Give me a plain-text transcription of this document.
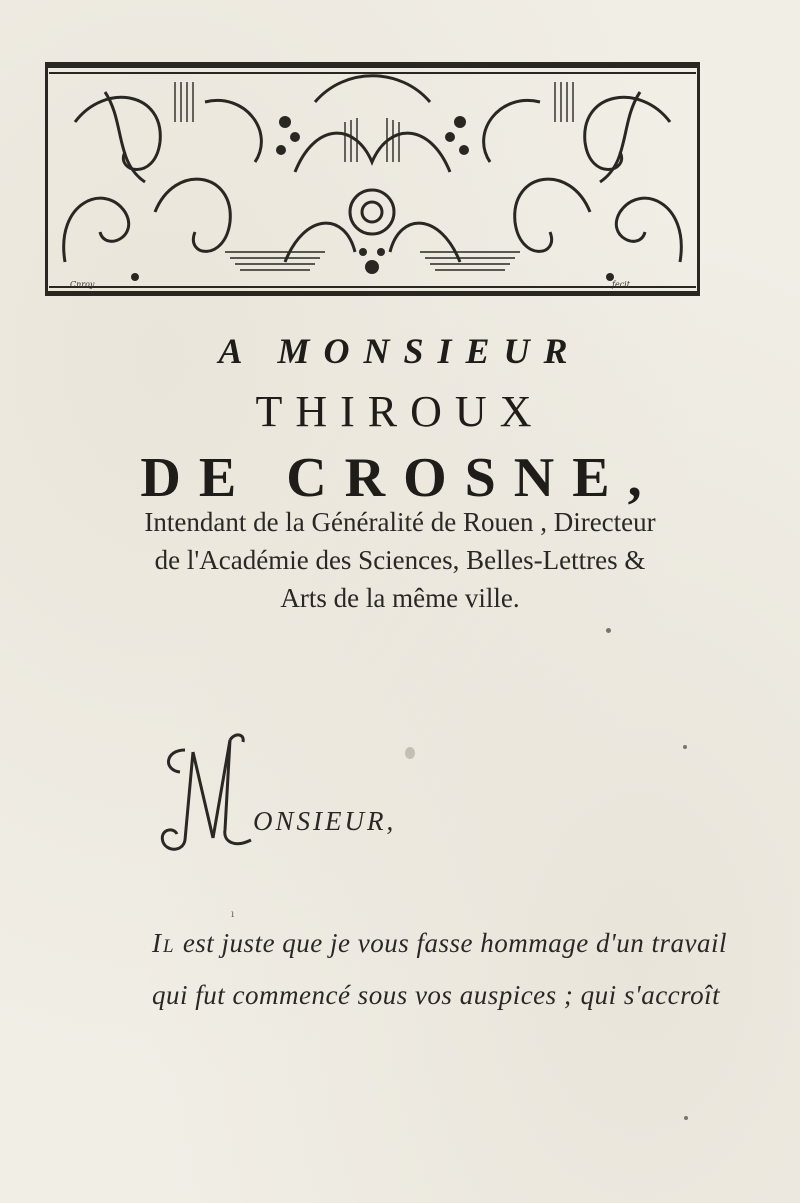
Cnroy	fecit
A MONSIEUR
THIROUX
DE CROSNE,
Intendant de la Généralité de Rouen , Directeur
de l'Académie des Sciences, Belles-Lettres &
Arts de la même ville.
ONSIEUR,
ı
Il est juste que je vous fasse hommage d'un travail
qui fut commencé sous vos auspices ; qui s'accroît
